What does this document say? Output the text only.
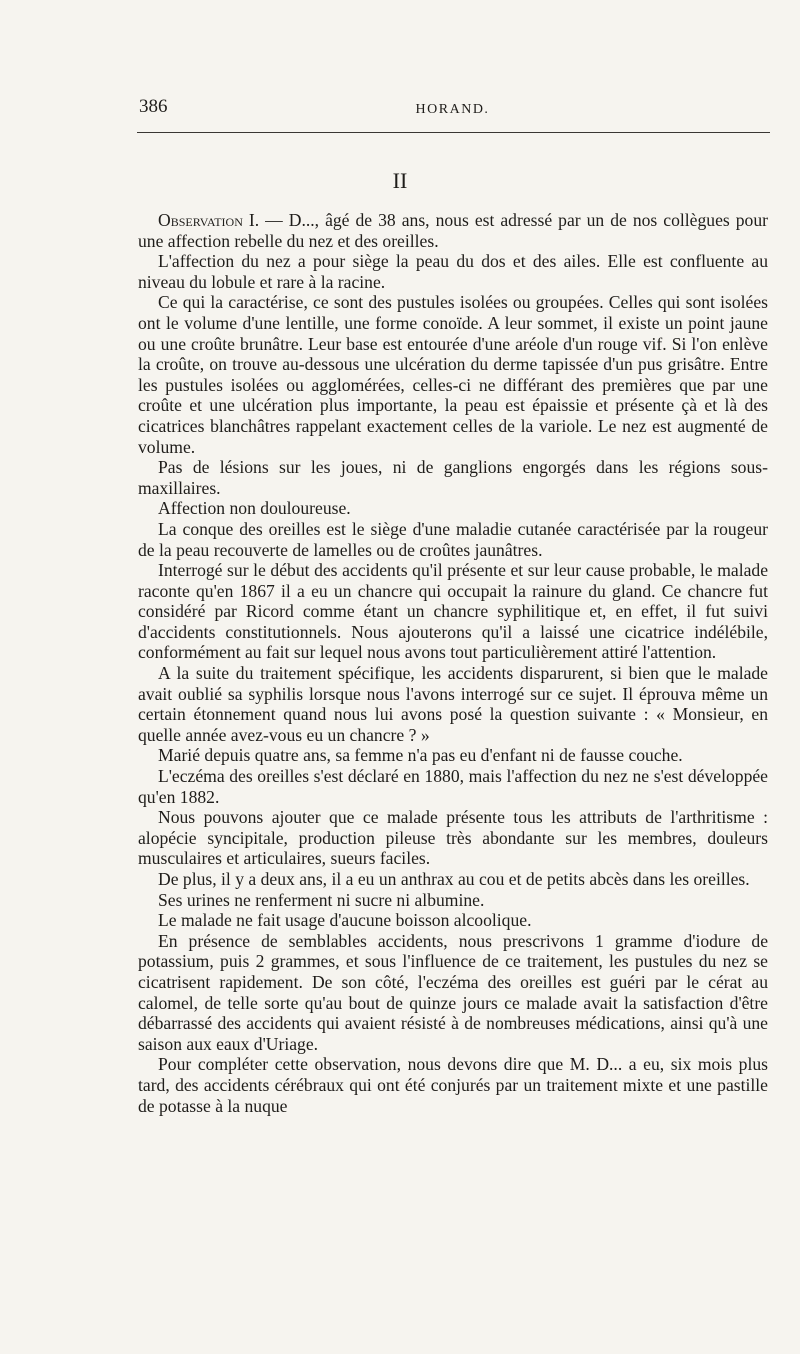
386	HORAND.
II

Observation I. — D..., âgé de 38 ans, nous est adressé par un de nos collègues pour une affection rebelle du nez et des oreilles.

L'affection du nez a pour siège la peau du dos et des ailes. Elle est confluente au niveau du lobule et rare à la racine.

Ce qui la caractérise, ce sont des pustules isolées ou groupées. Celles qui sont isolées ont le volume d'une lentille, une forme conoïde. A leur sommet, il existe un point jaune ou une croûte brunâtre. Leur base est entourée d'une aréole d'un rouge vif. Si l'on enlève la croûte, on trouve au-dessous une ulcération du derme tapissée d'un pus grisâtre. Entre les pustules isolées ou agglomérées, celles-ci ne différant des premières que par une croûte et une ulcération plus importante, la peau est épaissie et présente çà et là des cicatrices blanchâtres rappelant exactement celles de la variole. Le nez est augmenté de volume.

Pas de lésions sur les joues, ni de ganglions engorgés dans les régions sous-maxillaires.

Affection non douloureuse.

La conque des oreilles est le siège d'une maladie cutanée caractérisée par la rougeur de la peau recouverte de lamelles ou de croûtes jaunâtres.

Interrogé sur le début des accidents qu'il présente et sur leur cause probable, le malade raconte qu'en 1867 il a eu un chancre qui occupait la rainure du gland. Ce chancre fut considéré par Ricord comme étant un chancre syphilitique et, en effet, il fut suivi d'accidents constitutionnels. Nous ajouterons qu'il a laissé une cicatrice indélébile, conformément au fait sur lequel nous avons tout particulièrement attiré l'attention.

A la suite du traitement spécifique, les accidents disparurent, si bien que le malade avait oublié sa syphilis lorsque nous l'avons interrogé sur ce sujet. Il éprouva même un certain étonnement quand nous lui avons posé la question suivante : « Monsieur, en quelle année avez-vous eu un chancre ? »

Marié depuis quatre ans, sa femme n'a pas eu d'enfant ni de fausse couche.

L'eczéma des oreilles s'est déclaré en 1880, mais l'affection du nez ne s'est développée qu'en 1882.

Nous pouvons ajouter que ce malade présente tous les attributs de l'arthritisme : alopécie syncipitale, production pileuse très abondante sur les membres, douleurs musculaires et articulaires, sueurs faciles.

De plus, il y a deux ans, il a eu un anthrax au cou et de petits abcès dans les oreilles.

Ses urines ne renferment ni sucre ni albumine.

Le malade ne fait usage d'aucune boisson alcoolique.

En présence de semblables accidents, nous prescrivons 1 gramme d'iodure de potassium, puis 2 grammes, et sous l'influence de ce traitement, les pustules du nez se cicatrisent rapidement. De son côté, l'eczéma des oreilles est guéri par le cérat au calomel, de telle sorte qu'au bout de quinze jours ce malade avait la satisfaction d'être débarrassé des accidents qui avaient résisté à de nombreuses médications, ainsi qu'à une saison aux eaux d'Uriage.

Pour compléter cette observation, nous devons dire que M. D... a eu, six mois plus tard, des accidents cérébraux qui ont été conjurés par un traitement mixte et une pastille de potasse à la nuque
